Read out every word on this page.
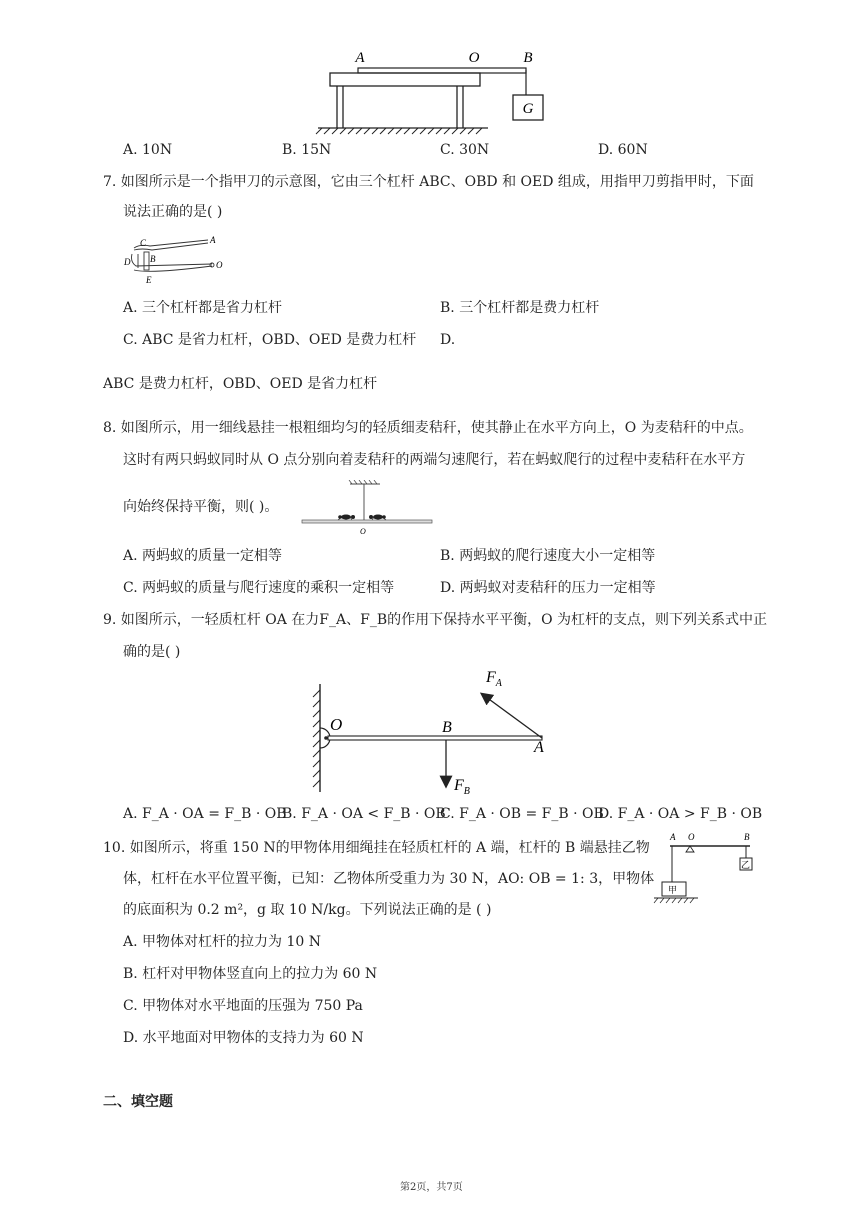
G
A	O	B
A. 10N	B. 15N	C. 30N	D. 60N
7. 如图所示是一个指甲刀的示意图，它由三个杠杆 ABC、OBD 和 OED 组成，用指甲刀剪指甲时，下面
说法正确的是( )
A
C
B
D	O
E
A. 三个杠杆都是省力杠杆	B. 三个杠杆都是费力杠杆
C. ABC 是省力杠杆，OBD、OED 是费力杠杆 D.
ABC 是费力杠杆，OBD、OED 是省力杠杆
8. 如图所示，用一细线悬挂一根粗细均匀的轻质细麦秸秆，使其静止在水平方向上，O 为麦秸秆的中点。
这时有两只蚂蚁同时从 O 点分别向着麦秸秆的两端匀速爬行，若在蚂蚁爬行的过程中麦秸秆在水平方
向始终保持平衡，则( )。
O
A. 两蚂蚁的质量一定相等	B. 两蚂蚁的爬行速度大小一定相等
C. 两蚂蚁的质量与爬行速度的乘积一定相等	D. 两蚂蚁对麦秸秆的压力一定相等
9. 如图所示，一轻质杠杆 OA 在力F_A、F_B的作用下保持水平平衡，O 为杠杆的支点，则下列关系式中正
确的是( )
$F_A$
O	B
A
$F_B$
A. F_A · OA = F_B · OB
B. F_A · OA < F_B · OB
C. F_A · OB = F_B · OB
D. F_A · OA > F_B · OB
10. 如图所示，将重 150 N的甲物体用细绳挂在轻质杠杆的 A 端，杠杆的 B 端悬挂乙物
体，杠杆在水平位置平衡，已知：乙物体所受重力为 30 N，AO: OB = 1: 3，甲物体
的底面积为 0.2 m²，g 取 10 N/kg。下列说法正确的是 ( )
A O	B
乙
甲
A. 甲物体对杠杆的拉力为 10 N
B. 杠杆对甲物体竖直向上的拉力为 60 N
C. 甲物体对水平地面的压强为 750 Pa
D. 水平地面对甲物体的支持力为 60 N
二、填空题
第2页，共7页
